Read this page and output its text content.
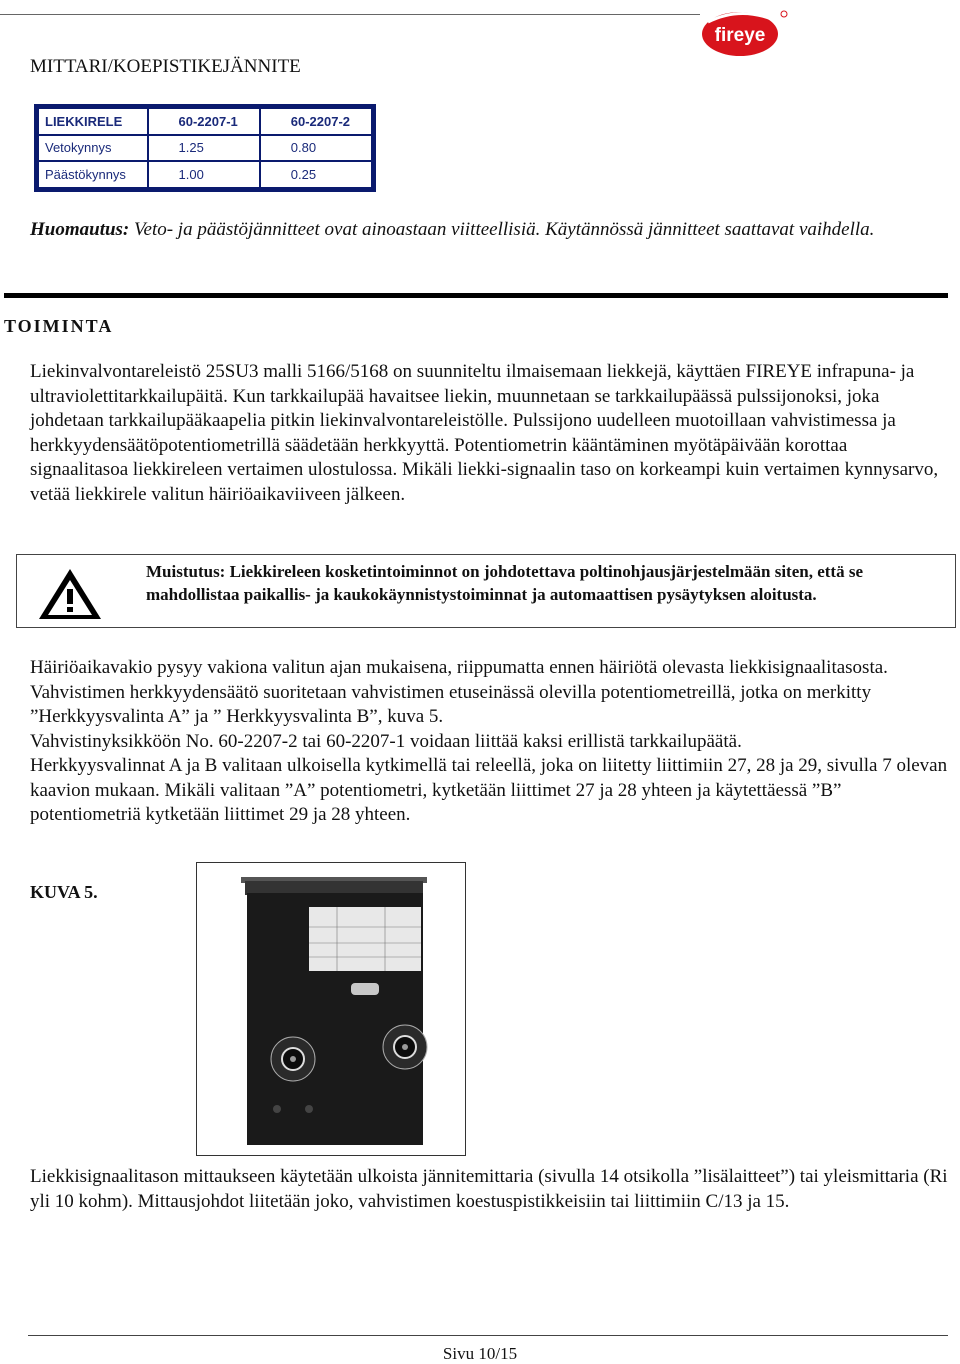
fireye
MITTARI/KOEPISTIKEJÄNNITE
LIEKKIRELE	60-2207-1	60-2207-2
Vetokynnys	1.25	0.80
Päästökynnys	1.00	0.25
Huomautus: Veto- ja päästöjännitteet ovat ainoastaan viitteellisiä. Käytännössä jännitteet saattavat vaihdella.
TOIMINTA
Liekinvalvontareleistö 25SU3 malli 5166/5168 on suunniteltu ilmaisemaan liekkejä, käyttäen FIREYE infrapuna- ja ultraviolettitarkkailupäitä. Kun tarkkailupää havaitsee liekin, muunnetaan se tarkkailupäässä pulssijonoksi, joka johdetaan tarkkailupääkaapelia pitkin liekinvalvontareleistölle. Pulssijono uudelleen muotoillaan vahvistimessa ja herkkyydensäätöpotentiometrillä säädetään herkkyyttä. Potentiometrin kääntäminen myötäpäivään korottaa signaalitasoa liekkireleen vertaimen ulostulossa. Mikäli liekki-signaalin taso on korkeampi kuin vertaimen kynnysarvo, vetää liekkirele valitun häiriöaikaviiveen jälkeen.
Muistutus: Liekkireleen kosketintoiminnot on johdotettava poltinohjausjärjestelmään siten, että se mahdollistaa paikallis- ja kaukokäynnistystoiminnat ja automaattisen pysäytyksen aloitusta.
Häiriöaikavakio pysyy vakiona valitun ajan mukaisena, riippumatta ennen häiriötä olevasta liekkisignaalitasosta.
Vahvistimen herkkyydensäätö suoritetaan vahvistimen etuseinässä olevilla potentiometreillä, jotka on merkitty ”Herkkyysvalinta A” ja ” Herkkyysvalinta B”, kuva 5.
Vahvistinyksikköön No. 60-2207-2 tai 60-2207-1 voidaan liittää kaksi erillistä tarkkailupäätä.
Herkkyysvalinnat A ja B valitaan ulkoisella kytkimellä tai releellä, joka on liitetty liittimiin 27, 28 ja 29, sivulla 7 olevan kaavion mukaan. Mikäli valitaan ”A” potentiometri, kytketään liittimet 27 ja 28 yhteen ja käytettäessä ”B” potentiometriä kytketään liittimet 29 ja 28 yhteen.
KUVA 5.
Liekkisignaalitason mittaukseen käytetään ulkoista jännitemittaria (sivulla 14 otsikolla ”lisälaitteet”) tai yleismittaria (Ri yli 10 kohm). Mittausjohdot liitetään joko, vahvistimen koestuspistikkeisiin tai liittimiin C/13 ja 15.
Sivu 10/15
